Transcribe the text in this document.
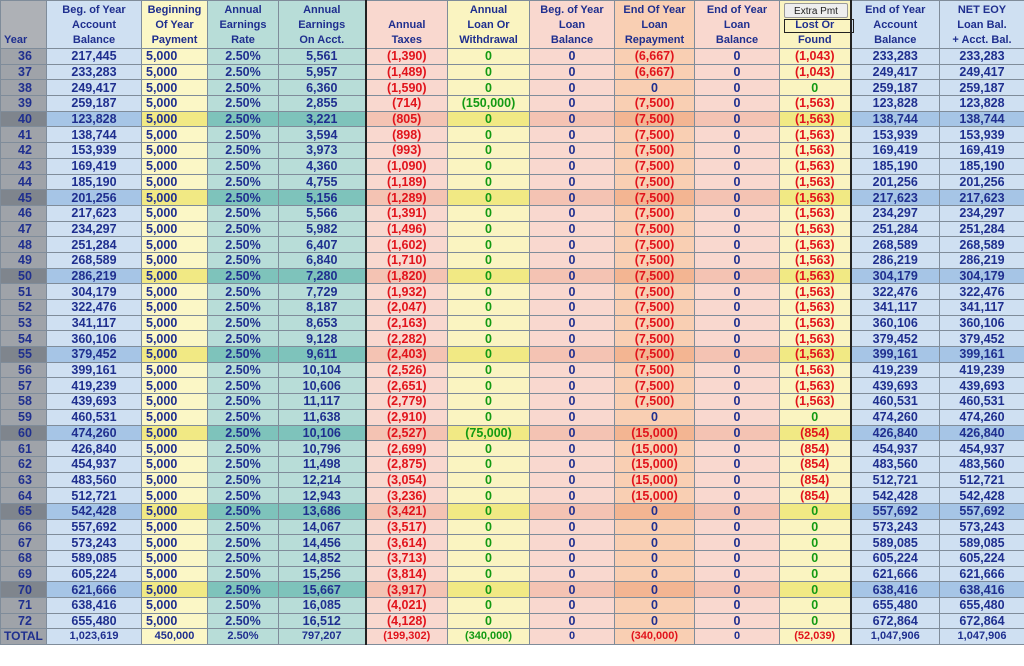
Year	Beg. of Year
Account
Balance	Beginning
Of Year
Payment	Annual
Earnings
Rate	Annual
Earnings
On Acct.	Annual
Taxes	Annual
Loan Or
Withdrawal	Beg. of Year
Loan
Balance	End Of Year
Loan
Repayment	End of Year
Loan
Balance	Lost Or
Found	End of Year
Account
Balance	NET EOY
Loan Bal.
+ Acct. Bal.

36	217,445	5,000	2.50%	5,561	(1,390)	0	0	(6,667)	0	(1,043)	233,283	233,283
37	233,283	5,000	2.50%	5,957	(1,489)	0	0	(6,667)	0	(1,043)	249,417	249,417
38	249,417	5,000	2.50%	6,360	(1,590)	0	0	0	0	0	259,187	259,187
39	259,187	5,000	2.50%	2,855	(714)	(150,000)	0	(7,500)	0	(1,563)	123,828	123,828
40	123,828	5,000	2.50%	3,221	(805)	0	0	(7,500)	0	(1,563)	138,744	138,744
41	138,744	5,000	2.50%	3,594	(898)	0	0	(7,500)	0	(1,563)	153,939	153,939
42	153,939	5,000	2.50%	3,973	(993)	0	0	(7,500)	0	(1,563)	169,419	169,419
43	169,419	5,000	2.50%	4,360	(1,090)	0	0	(7,500)	0	(1,563)	185,190	185,190
44	185,190	5,000	2.50%	4,755	(1,189)	0	0	(7,500)	0	(1,563)	201,256	201,256
45	201,256	5,000	2.50%	5,156	(1,289)	0	0	(7,500)	0	(1,563)	217,623	217,623
46	217,623	5,000	2.50%	5,566	(1,391)	0	0	(7,500)	0	(1,563)	234,297	234,297
47	234,297	5,000	2.50%	5,982	(1,496)	0	0	(7,500)	0	(1,563)	251,284	251,284
48	251,284	5,000	2.50%	6,407	(1,602)	0	0	(7,500)	0	(1,563)	268,589	268,589
49	268,589	5,000	2.50%	6,840	(1,710)	0	0	(7,500)	0	(1,563)	286,219	286,219
50	286,219	5,000	2.50%	7,280	(1,820)	0	0	(7,500)	0	(1,563)	304,179	304,179
51	304,179	5,000	2.50%	7,729	(1,932)	0	0	(7,500)	0	(1,563)	322,476	322,476
52	322,476	5,000	2.50%	8,187	(2,047)	0	0	(7,500)	0	(1,563)	341,117	341,117
53	341,117	5,000	2.50%	8,653	(2,163)	0	0	(7,500)	0	(1,563)	360,106	360,106
54	360,106	5,000	2.50%	9,128	(2,282)	0	0	(7,500)	0	(1,563)	379,452	379,452
55	379,452	5,000	2.50%	9,611	(2,403)	0	0	(7,500)	0	(1,563)	399,161	399,161
56	399,161	5,000	2.50%	10,104	(2,526)	0	0	(7,500)	0	(1,563)	419,239	419,239
57	419,239	5,000	2.50%	10,606	(2,651)	0	0	(7,500)	0	(1,563)	439,693	439,693
58	439,693	5,000	2.50%	11,117	(2,779)	0	0	(7,500)	0	(1,563)	460,531	460,531
59	460,531	5,000	2.50%	11,638	(2,910)	0	0	0	0	0	474,260	474,260
60	474,260	5,000	2.50%	10,106	(2,527)	(75,000)	0	(15,000)	0	(854)	426,840	426,840
61	426,840	5,000	2.50%	10,796	(2,699)	0	0	(15,000)	0	(854)	454,937	454,937
62	454,937	5,000	2.50%	11,498	(2,875)	0	0	(15,000)	0	(854)	483,560	483,560
63	483,560	5,000	2.50%	12,214	(3,054)	0	0	(15,000)	0	(854)	512,721	512,721
64	512,721	5,000	2.50%	12,943	(3,236)	0	0	(15,000)	0	(854)	542,428	542,428
65	542,428	5,000	2.50%	13,686	(3,421)	0	0	0	0	0	557,692	557,692
66	557,692	5,000	2.50%	14,067	(3,517)	0	0	0	0	0	573,243	573,243
67	573,243	5,000	2.50%	14,456	(3,614)	0	0	0	0	0	589,085	589,085
68	589,085	5,000	2.50%	14,852	(3,713)	0	0	0	0	0	605,224	605,224
69	605,224	5,000	2.50%	15,256	(3,814)	0	0	0	0	0	621,666	621,666
70	621,666	5,000	2.50%	15,667	(3,917)	0	0	0	0	0	638,416	638,416
71	638,416	5,000	2.50%	16,085	(4,021)	0	0	0	0	0	655,480	655,480
72	655,480	5,000	2.50%	16,512	(4,128)	0	0	0	0	0	672,864	672,864
TOTAL	1,023,619	450,000	2.50%	797,207	(199,302)	(340,000)	0	(340,000)	0	(52,039)	1,047,906	1,047,906
Extra Pmt
